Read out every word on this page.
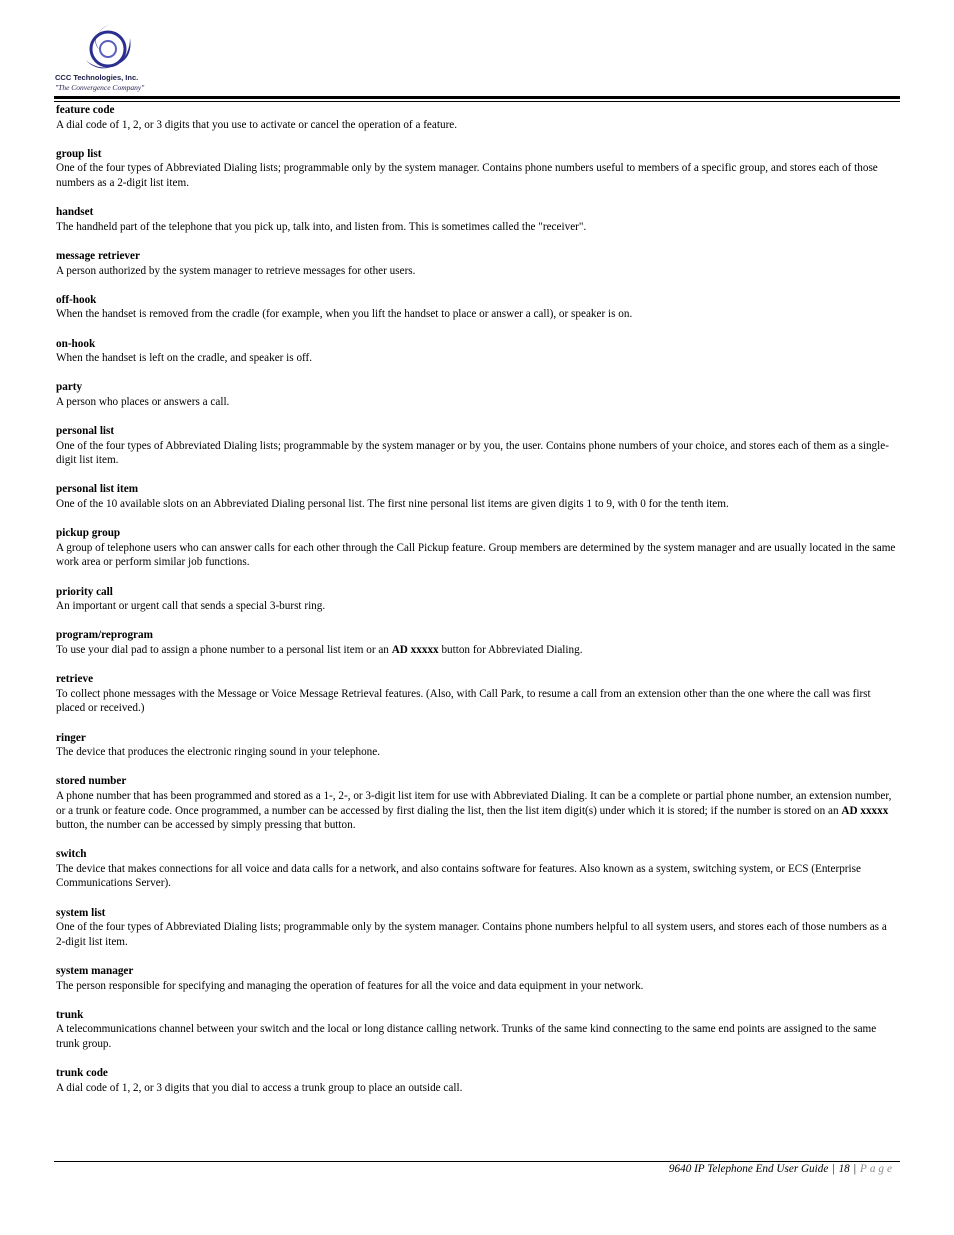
CCC Technologies, Inc.
"The Convergence Company"
feature code
A dial code of 1, 2, or 3 digits that you use to activate or cancel the operation of a feature.
group list
One of the four types of Abbreviated Dialing lists; programmable only by the system manager. Contains phone numbers useful to members of a specific group, and stores each of those numbers as a 2-digit list item.
handset
The handheld part of the telephone that you pick up, talk into, and listen from. This is sometimes called the "receiver".
message retriever
A person authorized by the system manager to retrieve messages for other users.
off-hook
When the handset is removed from the cradle (for example, when you lift the handset to place or answer a call), or speaker is on.
on-hook
When the handset is left on the cradle, and speaker is off.
party
A person who places or answers a call.
personal list
One of the four types of Abbreviated Dialing lists; programmable by the system manager or by you, the user. Contains phone numbers of your choice, and stores each of them as a single-digit list item.
personal list item
One of the 10 available slots on an Abbreviated Dialing personal list. The first nine personal list items are given digits 1 to 9, with 0 for the tenth item.
pickup group
A group of telephone users who can answer calls for each other through the Call Pickup feature. Group members are determined by the system manager and are usually located in the same work area or perform similar job functions.
priority call
An important or urgent call that sends a special 3-burst ring.
program/reprogram
To use your dial pad to assign a phone number to a personal list item or an AD xxxxx button for Abbreviated Dialing.
retrieve
To collect phone messages with the Message or Voice Message Retrieval features. (Also, with Call Park, to resume a call from an extension other than the one where the call was first placed or received.)
ringer
The device that produces the electronic ringing sound in your telephone.
stored number
A phone number that has been programmed and stored as a 1-, 2-, or 3-digit list item for use with Abbreviated Dialing. It can be a complete or partial phone number, an extension number, or a trunk or feature code. Once programmed, a number can be accessed by first dialing the list, then the list item digit(s) under which it is stored; if the number is stored on an AD xxxxx button, the number can be accessed by simply pressing that button.
switch
The device that makes connections for all voice and data calls for a network, and also contains software for features. Also known as a system, switching system, or ECS (Enterprise Communications Server).
system list
One of the four types of Abbreviated Dialing lists; programmable only by the system manager. Contains phone numbers helpful to all system users, and stores each of those numbers as a 2-digit list item.
system manager
The person responsible for specifying and managing the operation of features for all the voice and data equipment in your network.
trunk
A telecommunications channel between your switch and the local or long distance calling network. Trunks of the same kind connecting to the same end points are assigned to the same trunk group.
trunk code
A dial code of 1, 2, or 3 digits that you dial to access a trunk group to place an outside call.
9640 IP Telephone End User Guide | 18 | Page
